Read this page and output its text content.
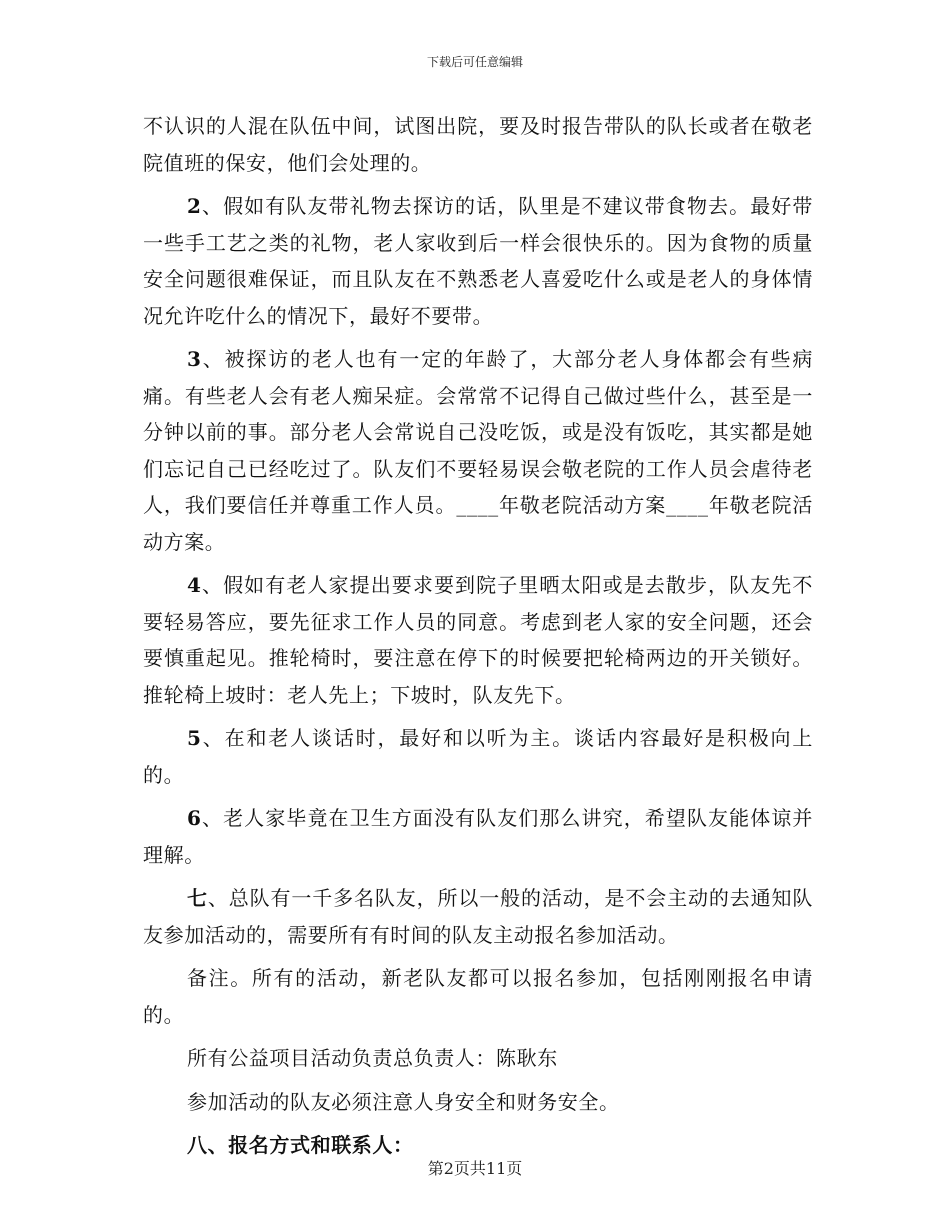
下载后可任意编辑

不认识的人混在队伍中间，试图出院，要及时报告带队的队长或者在敬老院值班的保安，他们会处理的。

2、假如有队友带礼物去探访的话，队里是不建议带食物去。最好带一些手工艺之类的礼物，老人家收到后一样会很快乐的。因为食物的质量安全问题很难保证，而且队友在不熟悉老人喜爱吃什么或是老人的身体情况允许吃什么的情况下，最好不要带。

3、被探访的老人也有一定的年龄了，大部分老人身体都会有些病痛。有些老人会有老人痴呆症。会常常不记得自己做过些什么，甚至是一分钟以前的事。部分老人会常说自己没吃饭，或是没有饭吃，其实都是她们忘记自己已经吃过了。队友们不要轻易误会敬老院的工作人员会虐待老人，我们要信任并尊重工作人员。____年敬老院活动方案____年敬老院活动方案。

4、假如有老人家提出要求要到院子里晒太阳或是去散步，队友先不要轻易答应，要先征求工作人员的同意。考虑到老人家的安全问题，还会要慎重起见。推轮椅时，要注意在停下的时候要把轮椅两边的开关锁好。推轮椅上坡时：老人先上；下坡时，队友先下。

5、在和老人谈话时，最好和以听为主。谈话内容最好是积极向上的。

6、老人家毕竟在卫生方面没有队友们那么讲究，希望队友能体谅并理解。

七、总队有一千多名队友，所以一般的活动，是不会主动的去通知队友参加活动的，需要所有有时间的队友主动报名参加活动。

备注。所有的活动，新老队友都可以报名参加，包括刚刚报名申请的。

所有公益项目活动负责总负责人：陈耿东

参加活动的队友必须注意人身安全和财务安全。

八、报名方式和联系人：

第2页共11页
